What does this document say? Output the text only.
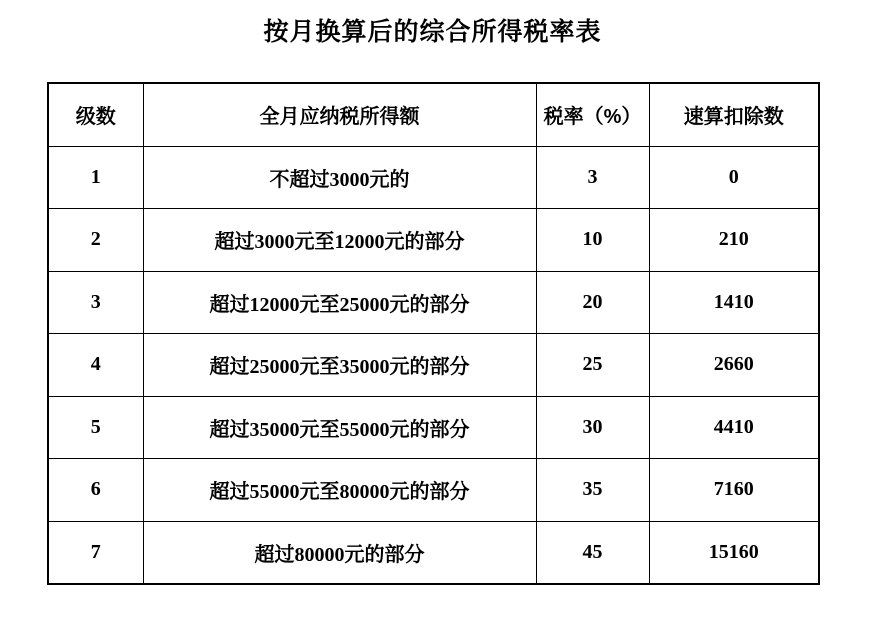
按月换算后的综合所得税率表
级数	全月应纳税所得额	税率（%）	速算扣除数
1	不超过3000元的	3	0
2	超过3000元至12000元的部分	10	210
3	超过12000元至25000元的部分	20	1410
4	超过25000元至35000元的部分	25	2660
5	超过35000元至55000元的部分	30	4410
6	超过55000元至80000元的部分	35	7160
7	超过80000元的部分	45	15160
